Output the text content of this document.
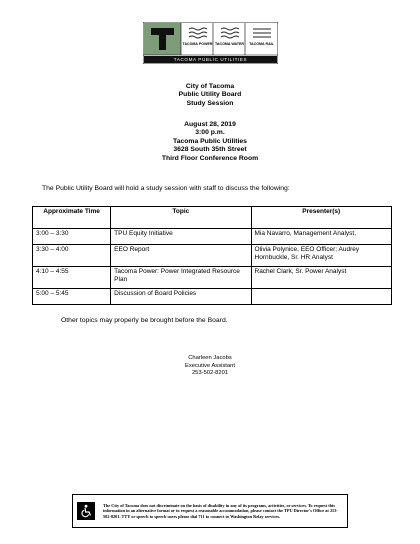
TACOMA POWER TACOMA WATER	TACOMA RAIL
TACOMA PUBLIC UTILITIES
City of Tacoma
Public Utility Board
Study Session
August 28, 2019
3:00 p.m.
Tacoma Public Utilities
3628 South 35th Street
Third Floor Conference Room
The Public Utility Board will hold a study session with staff to discuss the following:
Approximate Time	Topic	Presenter(s)
3:00 – 3:30	TPU Equity Initiative	Mia Navarro, Management Analyst,
3:30 – 4:00	EEO Report	Olivia Polynice, EEO Officer; Audrey Hornbuckle, Sr. HR Analyst
4:10 – 4:55	Tacoma Power: Power Integrated Resource Plan	Rachel Clark, Sr. Power Analyst
5:00 – 5:45	Discussion of Board Policies	
Other topics may properly be brought before the Board.
Charleen Jacobs
Executive Assistant
253-502-8201
The City of Tacoma does not discriminate on the basis of disability in any of its programs, activities, or services. To request this information in an alternative format or to request a reasonable accommodation, please contact the TPU Director's Office at 253-502-8201. TTY or speech to speech users please dial 711 to connect to Washington Relay services.
